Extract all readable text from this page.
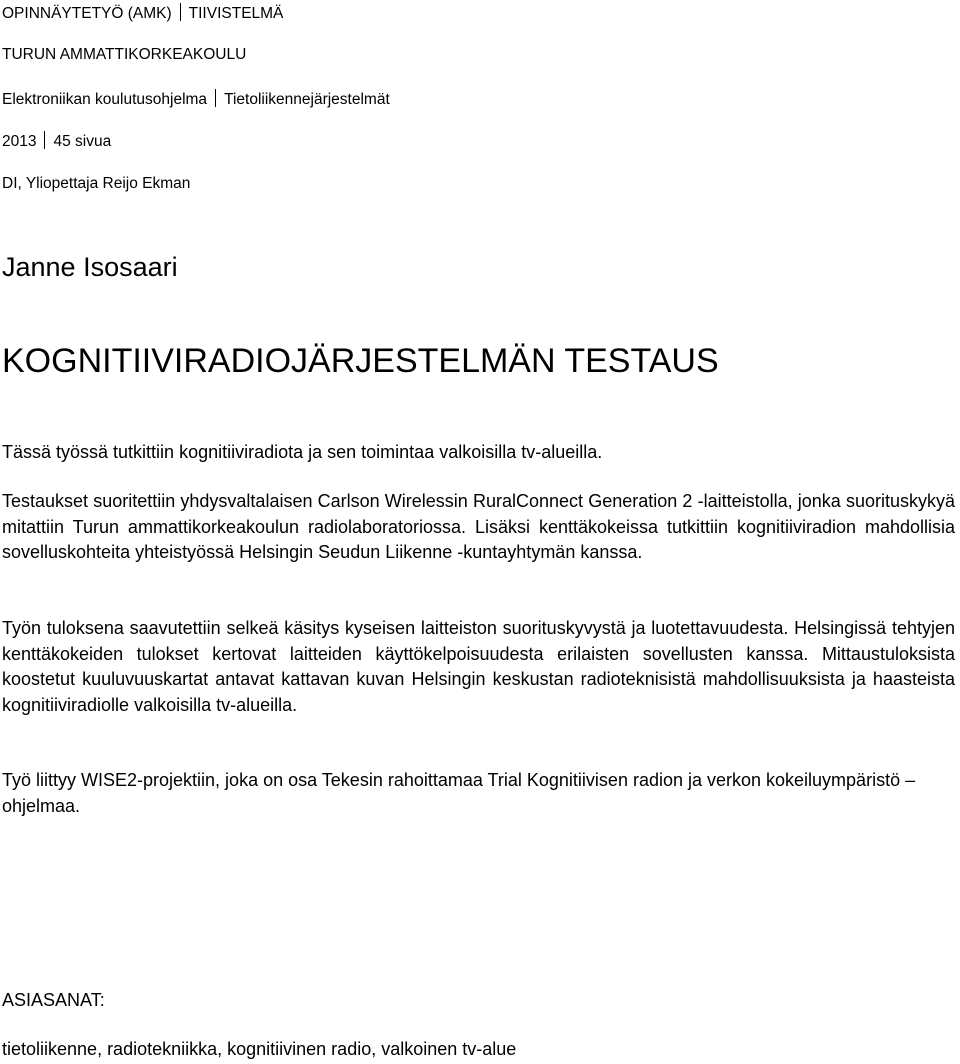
OPINNÄYTETYÖ (AMK) TIIVISTELMÄ
TURUN AMMATTIKORKEAKOULU
Elektroniikan koulutusohjelma Tietoliikennejärjestelmät
2013 45 sivua
DI, Yliopettaja Reijo Ekman
Janne Isosaari
KOGNITIIVIRADIOJÄRJESTELMÄN TESTAUS

Tässä työssä tutkittiin kognitiiviradiota ja sen toimintaa valkoisilla tv-alueilla.

Testaukset suoritettiin yhdysvaltalaisen Carlson Wirelessin RuralConnect Generation 2 -laitteistolla, jonka suorituskykyä mitattiin Turun ammattikorkeakoulun radiolaboratoriossa. Lisäksi kenttäkokeissa tutkittiin kognitiiviradion mahdollisia sovelluskohteita yhteistyössä Helsingin Seudun Liikenne -kuntayhtymän kanssa.

Työn tuloksena saavutettiin selkeä käsitys kyseisen laitteiston suorituskyvystä ja luotettavuudesta. Helsingissä tehtyjen kenttäkokeiden tulokset kertovat laitteiden käyttökelpoisuudesta erilaisten sovellusten kanssa. Mittaustuloksista koostetut kuuluvuuskartat antavat kattavan kuvan Helsingin keskustan radioteknisistä mahdollisuuksista ja haasteista kognitiiviradiolle valkoisilla tv-alueilla.

Työ liittyy WISE2-projektiin, joka on osa Tekesin rahoittamaa Trial Kognitiivisen radion ja verkon kokeiluympäristö –ohjelmaa.

ASIASANAT:
tietoliikenne, radiotekniikka, kognitiivinen radio, valkoinen tv-alue
